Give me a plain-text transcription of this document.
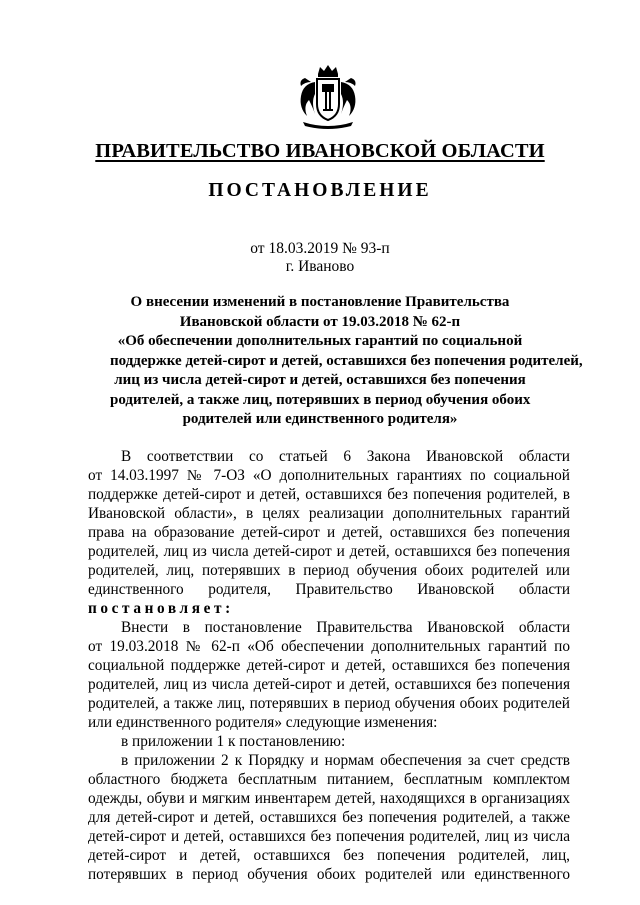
ПРАВИТЕЛЬСТВО ИВАНОВСКОЙ ОБЛАСТИ
ПОСТАНОВЛЕНИЕ
от 18.03.2019 № 93-п
г. Иваново
О внесении изменений в постановление Правительства
Ивановской области от 19.03.2018 № 62-п
«Об обеспечении дополнительных гарантий по социальной
поддержке детей-сирот и детей, оставшихся без попечения родителей,
лиц из числа детей-сирот и детей, оставшихся без попечения
родителей, а также лиц, потерявших в период обучения обоих
родителей или единственного родителя»
В соответствии со статьей 6 Закона Ивановской области
от 14.03.1997 № 7-ОЗ «О дополнительных гарантиях по социальной
поддержке детей-сирот и детей, оставшихся без попечения родителей, в
Ивановской области», в целях реализации дополнительных гарантий
права на образование детей-сирот и детей, оставшихся без попечения
родителей, лиц из числа детей-сирот и детей, оставшихся без попечения
родителей, лиц, потерявших в период обучения обоих родителей или
единственного родителя, Правительство Ивановской области
постановляет:
Внести в постановление Правительства Ивановской области
от 19.03.2018 № 62-п «Об обеспечении дополнительных гарантий по
социальной поддержке детей-сирот и детей, оставшихся без попечения
родителей, лиц из числа детей-сирот и детей, оставшихся без попечения
родителей, а также лиц, потерявших в период обучения обоих родителей
или единственного родителя» следующие изменения:
в приложении 1 к постановлению:
в приложении 2 к Порядку и нормам обеспечения за счет средств
областного бюджета бесплатным питанием, бесплатным комплектом
одежды, обуви и мягким инвентарем детей, находящихся в организациях
для детей-сирот и детей, оставшихся без попечения родителей, а также
детей-сирот и детей, оставшихся без попечения родителей, лиц из числа
детей-сирот и детей, оставшихся без попечения родителей, лиц,
потерявших в период обучения обоих родителей или единственного
